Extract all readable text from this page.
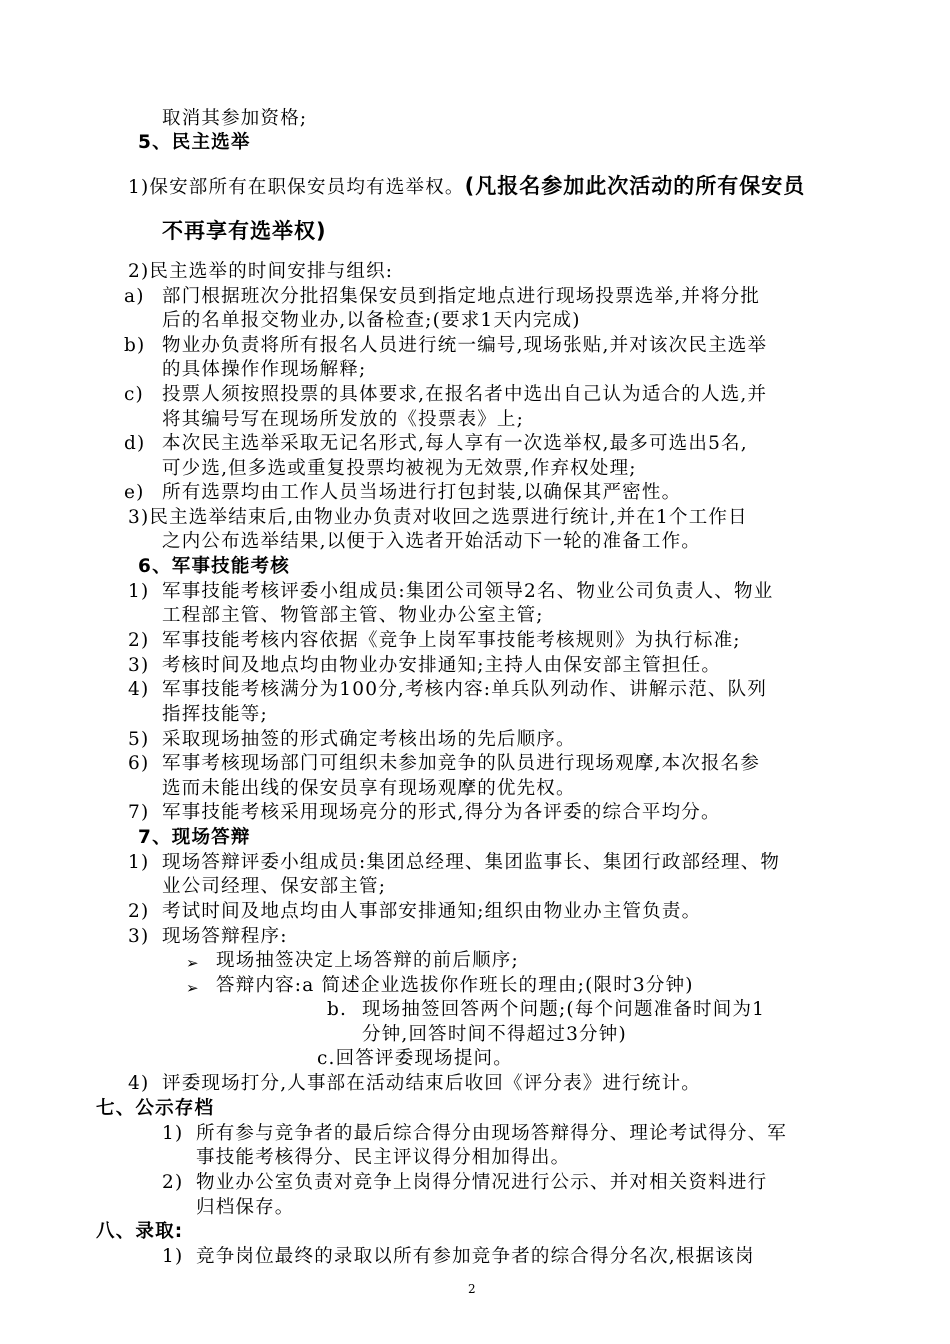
取消其参加资格;
5、民主选举
1)保安部所有在职保安员均有选举权。(凡报名参加此次活动的所有保安员
不再享有选举权)
2)民主选举的时间安排与组织:
a) 部门根据班次分批招集保安员到指定地点进行现场投票选举,并将分批
后的名单报交物业办,以备检查;(要求1天内完成)
b) 物业办负责将所有报名人员进行统一编号,现场张贴,并对该次民主选举
的具体操作作现场解释;
c) 投票人须按照投票的具体要求,在报名者中选出自己认为适合的人选,并
将其编号写在现场所发放的《投票表》上;
d) 本次民主选举采取无记名形式,每人享有一次选举权,最多可选出5名,
可少选,但多选或重复投票均被视为无效票,作弃权处理;
e) 所有选票均由工作人员当场进行打包封装,以确保其严密性。
3)民主选举结束后,由物业办负责对收回之选票进行统计,并在1个工作日
之内公布选举结果,以便于入选者开始活动下一轮的准备工作。
6、军事技能考核
1) 军事技能考核评委小组成员:集团公司领导2名、物业公司负责人、物业
工程部主管、物管部主管、物业办公室主管;
2) 军事技能考核内容依据《竞争上岗军事技能考核规则》为执行标准;
3) 考核时间及地点均由物业办安排通知;主持人由保安部主管担任。
4) 军事技能考核满分为100分,考核内容:单兵队列动作、讲解示范、队列
指挥技能等;
5) 采取现场抽签的形式确定考核出场的先后顺序。
6) 军事考核现场部门可组织未参加竞争的队员进行现场观摩,本次报名参
选而未能出线的保安员享有现场观摩的优先权。
7) 军事技能考核采用现场亮分的形式,得分为各评委的综合平均分。
7、现场答辩
1) 现场答辩评委小组成员:集团总经理、集团监事长、集团行政部经理、物
业公司经理、保安部主管;
2) 考试时间及地点均由人事部安排通知;组织由物业办主管负责。
3) 现场答辩程序:
➢ 现场抽签决定上场答辩的前后顺序;
➢ 答辩内容:a 简述企业选拔你作班长的理由;(限时3分钟)
b. 现场抽签回答两个问题;(每个问题准备时间为1
分钟,回答时间不得超过3分钟)
c.回答评委现场提问。
4) 评委现场打分,人事部在活动结束后收回《评分表》进行统计。
七、公示存档
1) 所有参与竞争者的最后综合得分由现场答辩得分、理论考试得分、军
事技能考核得分、民主评议得分相加得出。
2) 物业办公室负责对竞争上岗得分情况进行公示、并对相关资料进行
归档保存。
八、录取:
1) 竞争岗位最终的录取以所有参加竞争者的综合得分名次,根据该岗
2
